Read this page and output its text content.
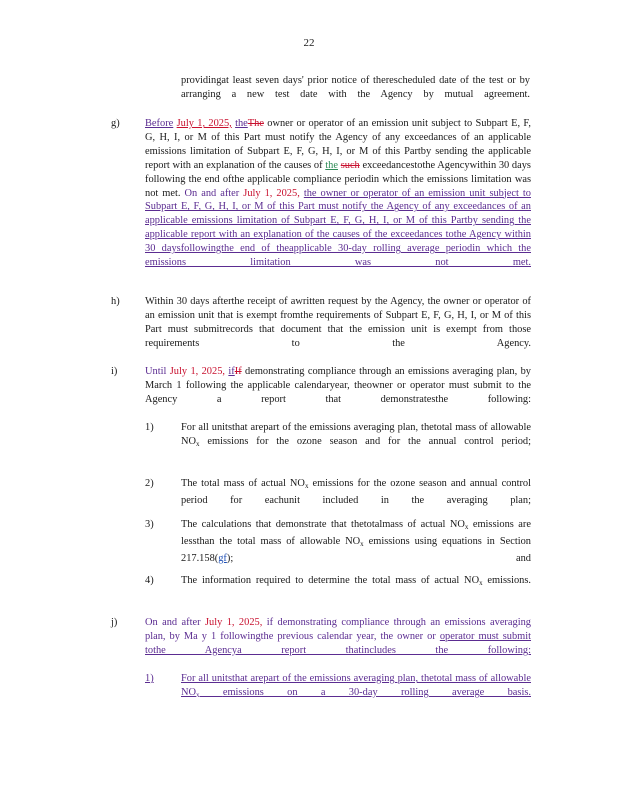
22
providingat least seven days' prior notice of therescheduled date of the test or by arranging a new test date with the Agency by mutual agreement.
g) Before July 1, 2025, theThe owner or operator of an emission unit subject to Subpart E, F, G, H, I, or M of this Part must notify the Agency of any exceedances of an applicable emissions limitation of Subpart E, F, G, H, I, or M of this Partby sending the applicable report with an explanation of the causes of the such exceedancestothe Agencywithin 30 days following the end ofthe applicable compliance periodin which the emissions limitation was not met. On and after July 1, 2025, the owner or operator of an emission unit subject to Subpart E, F, G, H, I, or M of this Part must notify the Agency of any exceedances of an applicable emissions limitation of Subpart E, F, G, H, I, or M of this Partby sending the applicable report with an explanation of the causes of the exceedances tothe Agency within 30 daysfollowingthe end of theapplicable 30-day rolling average periodin which the emissions limitation was not met.
h) Within 30 days afterthe receipt of awritten request by the Agency, the owner or operator of an emission unit that is exempt fromthe requirements of Subpart E, F, G, H, I, or M of this Part must submitrecords that document that the emission unit is exempt from those requirements to the Agency.
i)	Until July 1, 2025, ifIf demonstrating compliance through an emissions averaging plan, by March 1 following the applicable calendaryear, theowner or operator must submit to the Agency a report that demonstratesthe following:
1)	For all unitsthat arepart of the emissions averaging plan, thetotal mass of allowable $NO_x$ emissions for the ozone season and for the annual control period;
2)	The total mass of actual $NO_x$ emissions for the ozone season and annual control period for eachunit included in the averaging plan;
3)	The calculations that demonstrate that thetotalmass of actual $NO_x$ emissions are lessthan the total mass of allowable $NO_x$ emissions using equations in Section 217.158(gf); and
4)	The information required to determine the total mass of actual $NO_x$ emissions.
j)	On and after July 1, 2025, if demonstrating compliance through an emissions averaging plan, by Ma y 1 followingthe previous calendar year, the owner or operator must submit tothe Agencya report thatincludes the following:
1)	For all unitsthat arepart of the emissions averaging plan, thetotal mass of allowable $NO_x$ emissions on a 30-day rolling average basis.
